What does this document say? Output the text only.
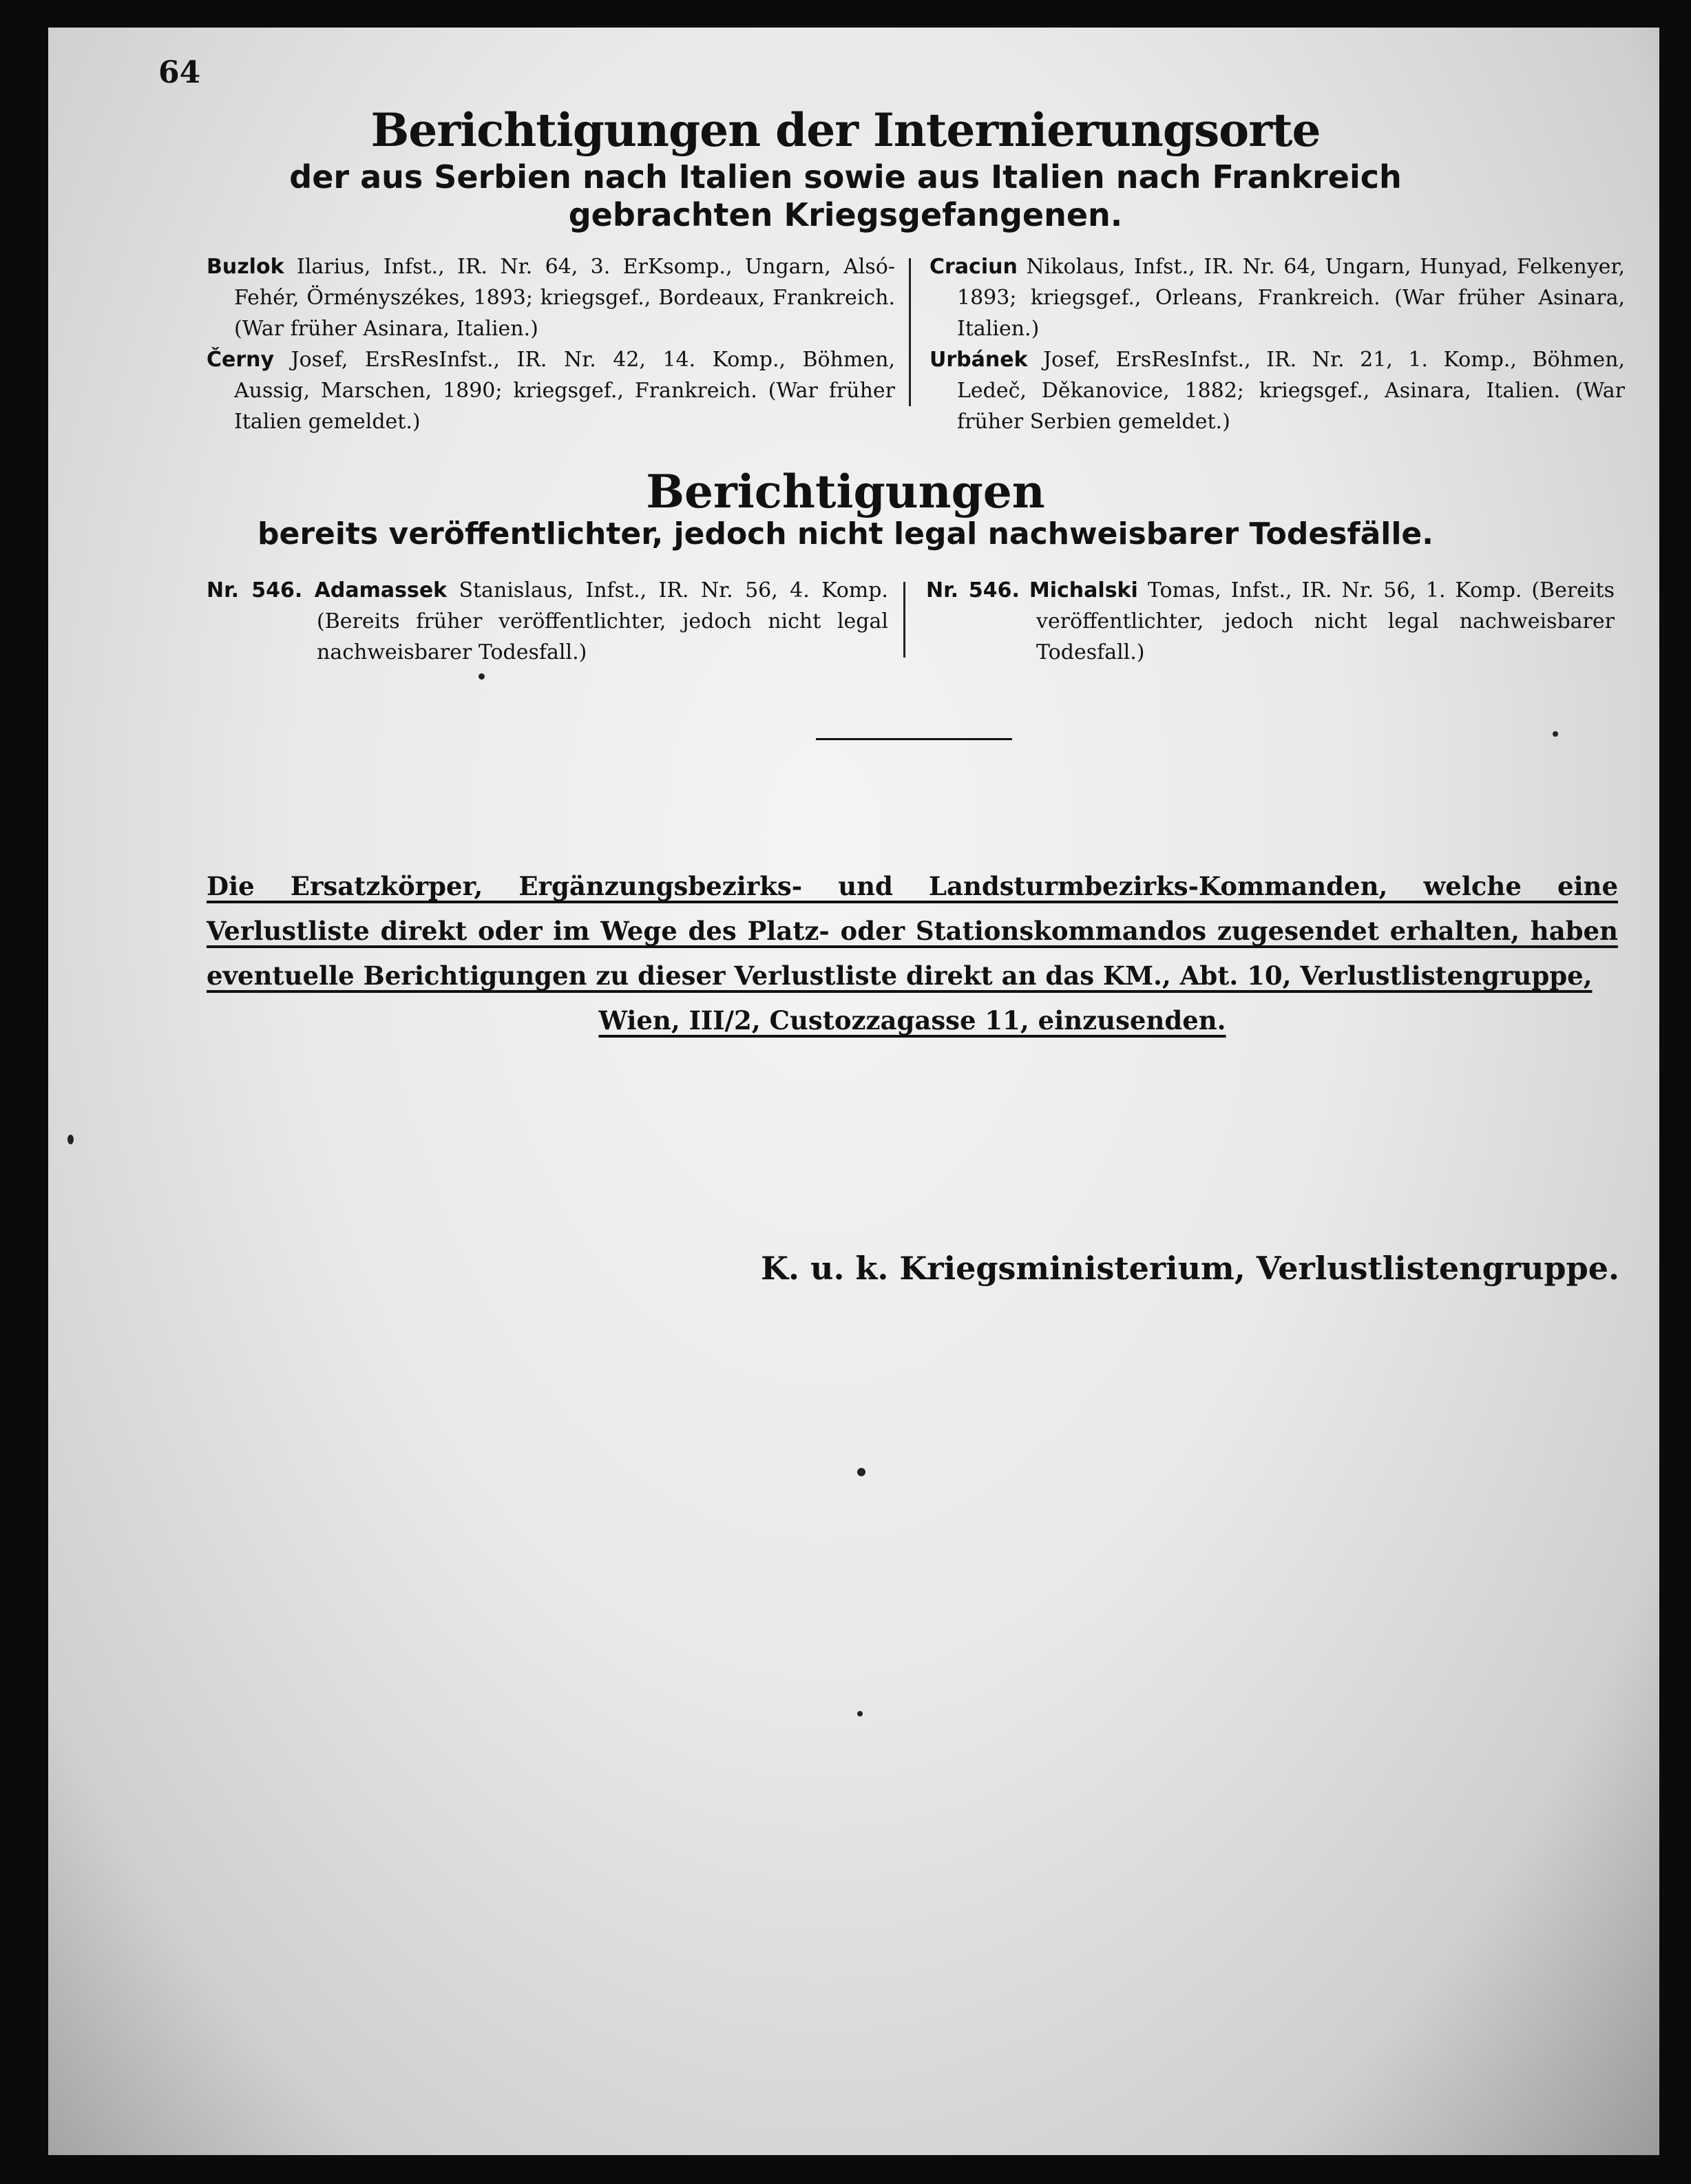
64
Berichtigungen der Internierungsorte
der aus Serbien nach Italien sowie aus Italien nach Frankreich
gebrachten Kriegsgefangenen.

Buzlok Ilarius, Infst., IR. Nr. 64, 3. ErKsomp., Ungarn, Alsó-Fehér, Örményszékes, 1893; kriegsgef., Bordeaux, Frankreich. (War früher Asinara, Italien.)

Černy Josef, ErsResInfst., IR. Nr. 42, 14. Komp., Böhmen, Aussig, Marschen, 1890; kriegsgef., Frankreich. (War früher Italien gemeldet.)

Craciun Nikolaus, Infst., IR. Nr. 64, Ungarn, Hunyad, Felkenyer, 1893; kriegsgef., Orleans, Frankreich. (War früher Asinara, Italien.)

Urbánek Josef, ErsResInfst., IR. Nr. 21, 1. Komp., Böhmen, Ledeč, Děkanovice, 1882; kriegsgef., Asinara, Italien. (War früher Serbien gemeldet.)

Berichtigungen
bereits veröffentlichter, jedoch nicht legal nachweisbarer Todesfälle.

Nr. 546. Adamassek Stanislaus, Infst., IR. Nr. 56, 4. Komp. (Bereits früher veröffentlichter, jedoch nicht legal nachweisbarer Todesfall.)

Nr. 546. Michalski Tomas, Infst., IR. Nr. 56, 1. Komp. (Bereits veröffentlichter, jedoch nicht legal nachweisbarer Todesfall.)

Die Ersatzkörper, Ergänzungsbezirks- und Landsturmbezirks-Kommanden, welche eine Verlustliste direkt oder im Wege des Platz- oder Stationskommandos zugesendet erhalten, haben eventuelle Berichtigungen zu dieser Verlustliste direkt an das KM., Abt. 10, Verlustlistengruppe,
Wien, III/2, Custozzagasse 11, einzusenden.
K. u. k. Kriegsministerium, Verlustlistengruppe.
